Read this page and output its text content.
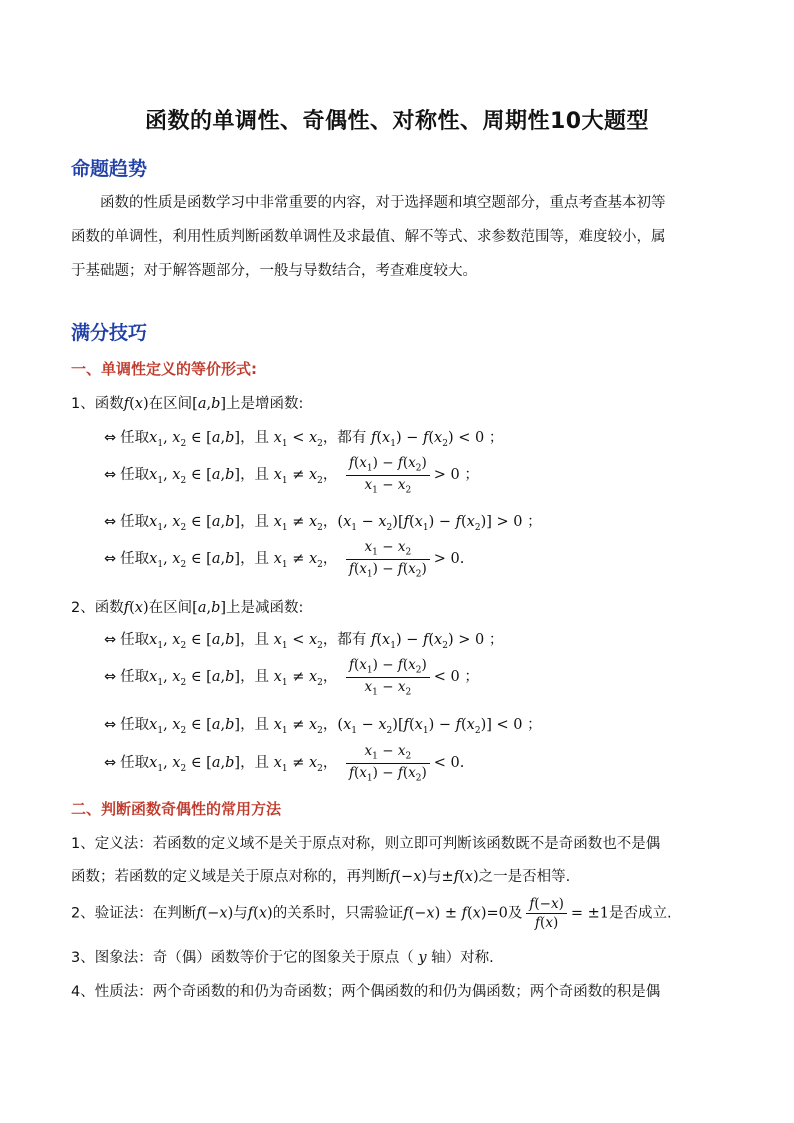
函数的单调性、奇偶性、对称性、周期性10大题型
命题趋势
函数的性质是函数学习中非常重要的内容，对于选择题和填空题部分，重点考查基本初等
函数的单调性，利用性质判断函数单调性及求最值、解不等式、求参数范围等，难度较小，属
于基础题；对于解答题部分，一般与导数结合，考查难度较大。
满分技巧
一、单调性定义的等价形式:
1、函数f(x)在区间[a,b]上是增函数:
⇔ 任取$x_1$, $x_2$ ∈ [a,b]，且 $x_1 < x_2$，都有 $f(x_1) - f(x_2) < 0$ ；
⇔ 任取$x_1$, $x_2$ ∈ [a,b]，且 $x_1 \ne x_2$， $\frac{f(x_1) - f(x_2)}{x_1 - x_2} > 0$ ；
⇔ 任取$x_1$, $x_2$ ∈ [a,b]，且 $x_1 \ne x_2$，$(x_1 - x_2)[f(x_1) - f(x_2)] > 0$ ；
⇔ 任取$x_1$, $x_2$ ∈ [a,b]，且 $x_1 \ne x_2$， $\frac{x_1 - x_2}{f(x_1) - f(x_2)} > 0$.
2、函数f(x)在区间[a,b]上是减函数:
⇔ 任取$x_1$, $x_2$ ∈ [a,b]，且 $x_1 < x_2$，都有 $f(x_1) - f(x_2) > 0$ ；
⇔ 任取$x_1$, $x_2$ ∈ [a,b]，且 $x_1 \ne x_2$， $\frac{f(x_1) - f(x_2)}{x_1 - x_2} < 0$ ；
⇔ 任取$x_1$, $x_2$ ∈ [a,b]，且 $x_1 \ne x_2$，$(x_1 - x_2)[f(x_1) - f(x_2)] < 0$ ；
⇔ 任取$x_1$, $x_2$ ∈ [a,b]，且 $x_1 \ne x_2$， $\frac{x_1 - x_2}{f(x_1) - f(x_2)} < 0$.
二、判断函数奇偶性的常用方法
1、定义法：若函数的定义域不是关于原点对称，则立即可判断该函数既不是奇函数也不是偶
函数；若函数的定义域是关于原点对称的，再判断f(−x)与±f(x)之一是否相等.
2、验证法：在判断f(−x)与f(x)的关系时，只需验证f(−x) ± f(x)=0及 $\frac{f(-x)}{f(x)} = \pm 1$是否成立.
3、图象法：奇（偶）函数等价于它的图象关于原点（ y 轴）对称.
4、性质法：两个奇函数的和仍为奇函数；两个偶函数的和仍为偶函数；两个奇函数的积是偶
